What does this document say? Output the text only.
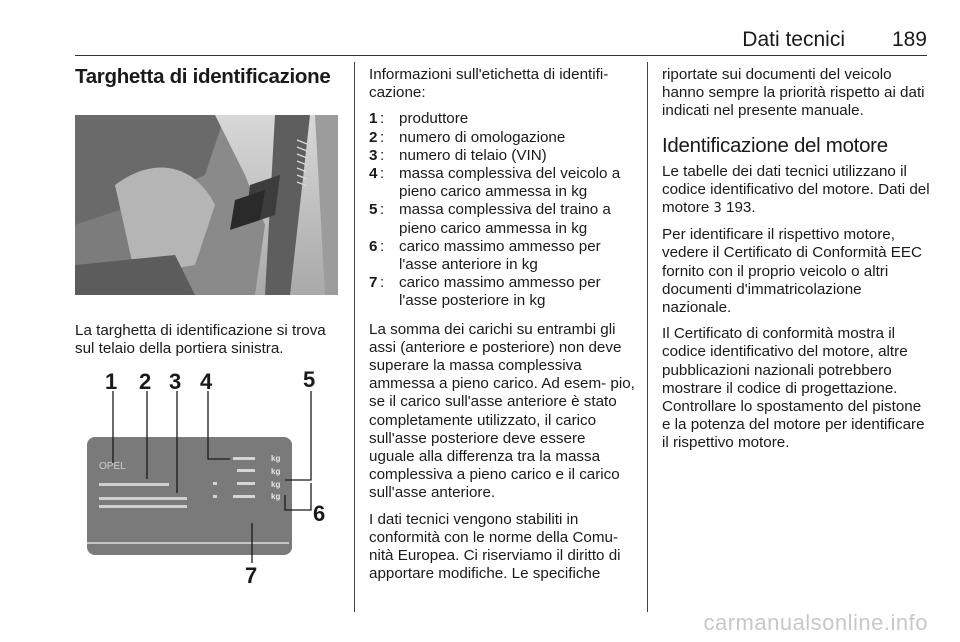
Dati tecnici 189
Targhetta di identificazione
La targhetta di identificazione si trova sul telaio della portiera sinistra.
OPEL
kg
kg
kg
kg
1 2 3 4	5
6
7

Informazioni sull'etichetta di identifi- cazione:

1 : produttore
2 : numero di omologazione
3 : numero di telaio (VIN)
4 : massa complessiva del veicolo a pieno carico ammessa in kg
5 : massa complessiva del traino a pieno carico ammessa in kg
6 : carico massimo ammesso per l'asse anteriore in kg
7 : carico massimo ammesso per l'asse posteriore in kg

La somma dei carichi su entrambi gli assi (anteriore e posteriore) non deve superare la massa complessiva ammessa a pieno carico. Ad esem- pio, se il carico sull'asse anteriore è stato completamente utilizzato, il carico sull'asse posteriore deve essere uguale alla differenza tra la massa complessiva a pieno carico e il carico sull'asse anteriore.

I dati tecnici vengono stabiliti in conformità con le norme della Comu- nità Europea. Ci riserviamo il diritto di apportare modifiche. Le specifiche

riportate sui documenti del veicolo hanno sempre la priorità rispetto ai dati indicati nel presente manuale.

Identificazione del motore

Le tabelle dei dati tecnici utilizzano il codice identificativo del motore. Dati del motore 3 193.

Per identificare il rispettivo motore, vedere il Certificato di Conformità EEC fornito con il proprio veicolo o altri documenti d'immatricolazione nazionale.

Il Certificato di conformità mostra il codice identificativo del motore, altre pubblicazioni nazionali potrebbero mostrare il codice di progettazione. Controllare lo spostamento del pistone e la potenza del motore per identificare il rispettivo motore.

carmanualsonline.info
